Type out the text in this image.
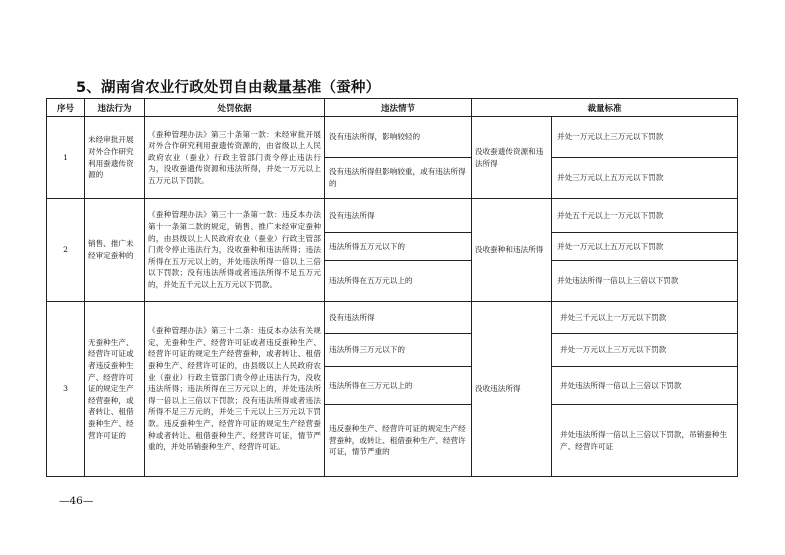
5、湖南省农业行政处罚自由裁量基准（蚕种）
序号	违法行为	处罚依据	违法情节	裁量标准	
1	未经审批开展对外合作研究利用蚕遗传资源的	《蚕种管理办法》第三十条第一款：未经审批开展对外合作研究利用蚕遗传资源的，由省级以上人民政府农业（蚕业）行政主管部门责令停止违法行为，没收蚕遗传资源和违法所得，并处一万元以上五万元以下罚款。	没有违法所得，影响较轻的	没收蚕遗传资源和违法所得	并处一万元以上三万元以下罚款
			没有违法所得但影响较重，或有违法所得的		并处三万元以上五万元以下罚款
2	销售、推广未经审定蚕种的	《蚕种管理办法》第三十一条第一款：违反本办法第十一条第二款的规定，销售、推广未经审定蚕种的，由县级以上人民政府农业（蚕业）行政主管部门责令停止违法行为，没收蚕种和违法所得；违法所得在五万元以上的，并处违法所得一倍以上三倍以下罚款；没有违法所得或者违法所得不足五万元的，并处五千元以上五万元以下罚款。	没有违法所得	没收蚕种和违法所得	并处五千元以上一万元以下罚款
			违法所得五万元以下的		并处一万元以上五万元以下罚款
			违法所得在五万元以上的		并处违法所得一倍以上三倍以下罚款
3	无蚕种生产、经营许可证或者违反蚕种生产、经营许可证的规定生产经营蚕种，或者转让、租借蚕种生产、经营许可证的	《蚕种管理办法》第三十二条：违反本办法有关规定，无蚕种生产、经营许可证或者违反蚕种生产、经营许可证的规定生产经营蚕种，或者转让、租借蚕种生产、经营许可证的，由县级以上人民政府农业（蚕业）行政主管部门责令停止违法行为，没收违法所得；违法所得在三万元以上的，并处违法所得一倍以上三倍以下罚款；没有违法所得或者违法所得不足三万元的，并处三千元以上三万元以下罚款。违反蚕种生产、经营许可证的规定生产经营蚕种或者转让、租借蚕种生产、经营许可证，情节严重的，并处吊销蚕种生产、经营许可证。	没有违法所得	没收违法所得	并处三千元以上一万元以下罚款
			违法所得三万元以下的		并处一万元以上三万元以下罚款
			违法所得在三万元以上的		并处违法所得一倍以上三倍以下罚款
			违反蚕种生产、经营许可证的规定生产经营蚕种，或转让、租借蚕种生产、经营许可证，情节严重的		并处违法所得一倍以上三倍以下罚款，吊销蚕种生产、经营许可证
—46—
